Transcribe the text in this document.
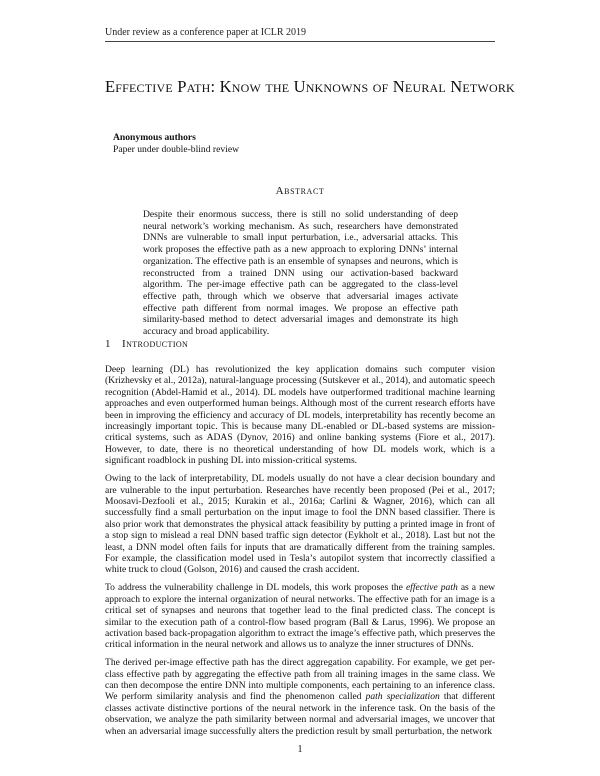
Under review as a conference paper at ICLR 2019
Effective Path: Know the Unknowns of Neural Network
Anonymous authors
Paper under double-blind review
Abstract
Despite their enormous success, there is still no solid understanding of deep neural network’s working mechanism. As such, researchers have demonstrated DNNs are vulnerable to small input perturbation, i.e., adversarial attacks. This work proposes the effective path as a new approach to exploring DNNs’ internal organization. The effective path is an ensemble of synapses and neurons, which is reconstructed from a trained DNN using our activation-based backward algorithm. The per-image effective path can be aggregated to the class-level effective path, through which we observe that adversarial images activate effective path different from normal images. We propose an effective path similarity-based method to detect adversarial images and demonstrate its high accuracy and broad applicability.
1 Introduction

Deep learning (DL) has revolutionized the key application domains such computer vision (Krizhevsky et al., 2012a), natural-language processing (Sutskever et al., 2014), and automatic speech recognition (Abdel-Hamid et al., 2014). DL models have outperformed traditional machine learning approaches and even outperformed human beings. Although most of the current research efforts have been in improving the efficiency and accuracy of DL models, interpretability has recently become an increasingly important topic. This is because many DL-enabled or DL-based systems are mission-critical systems, such as ADAS (Dynov, 2016) and online banking systems (Fiore et al., 2017). However, to date, there is no theoretical understanding of how DL models work, which is a significant roadblock in pushing DL into mission-critical systems.

Owing to the lack of interpretability, DL models usually do not have a clear decision boundary and are vulnerable to the input perturbation. Researches have recently been proposed (Pei et al., 2017; Moosavi-Dezfooli et al., 2015; Kurakin et al., 2016a; Carlini & Wagner, 2016), which can all successfully find a small perturbation on the input image to fool the DNN based classifier. There is also prior work that demonstrates the physical attack feasibility by putting a printed image in front of a stop sign to mislead a real DNN based traffic sign detector (Eykholt et al., 2018). Last but not the least, a DNN model often fails for inputs that are dramatically different from the training samples. For example, the classification model used in Tesla’s autopilot system that incorrectly classified a white truck to cloud (Golson, 2016) and caused the crash accident.

To address the vulnerability challenge in DL models, this work proposes the effective path as a new approach to explore the internal organization of neural networks. The effective path for an image is a critical set of synapses and neurons that together lead to the final predicted class. The concept is similar to the execution path of a control-flow based program (Ball & Larus, 1996). We propose an activation based back-propagation algorithm to extract the image’s effective path, which preserves the critical information in the neural network and allows us to analyze the inner structures of DNNs.

The derived per-image effective path has the direct aggregation capability. For example, we get per-class effective path by aggregating the effective path from all training images in the same class. We can then decompose the entire DNN into multiple components, each pertaining to an inference class. We perform similarity analysis and find the phenomenon called path specialization that different classes activate distinctive portions of the neural network in the inference task. On the basis of the observation, we analyze the path similarity between normal and adversarial images, we uncover that when an adversarial image successfully alters the prediction result by small perturbation, the network

1
